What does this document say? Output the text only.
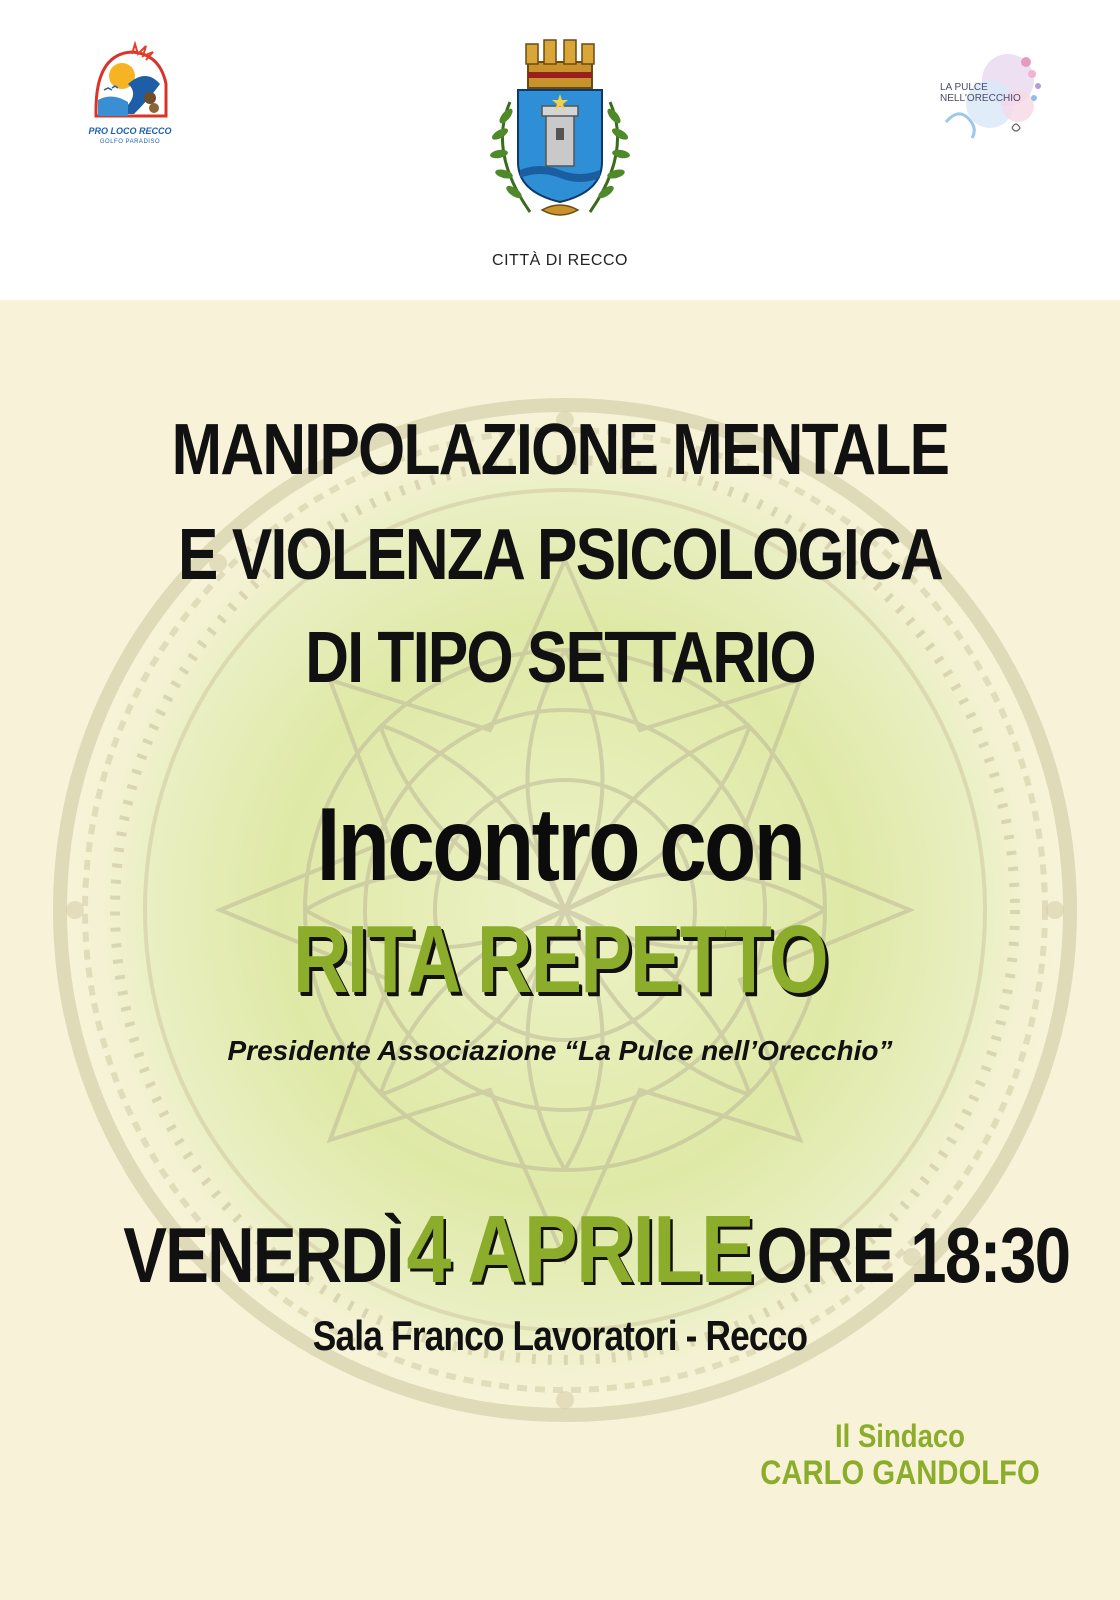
PRO LOCO RECCO
GOLFO PARADISO
CITTÀ DI RECCO
LA PULCE NELL'ORECCHIO
MANIPOLAZIONE MENTALE
E VIOLENZA PSICOLOGICA
DI TIPO SETTARIO
Incontro con
RITA REPETTO
Presidente Associazione “La Pulce nell’Orecchio”
VENERDÌ 4 APRILE ORE 18:30
Sala Franco Lavoratori - Recco
Il Sindaco
CARLO GANDOLFO
